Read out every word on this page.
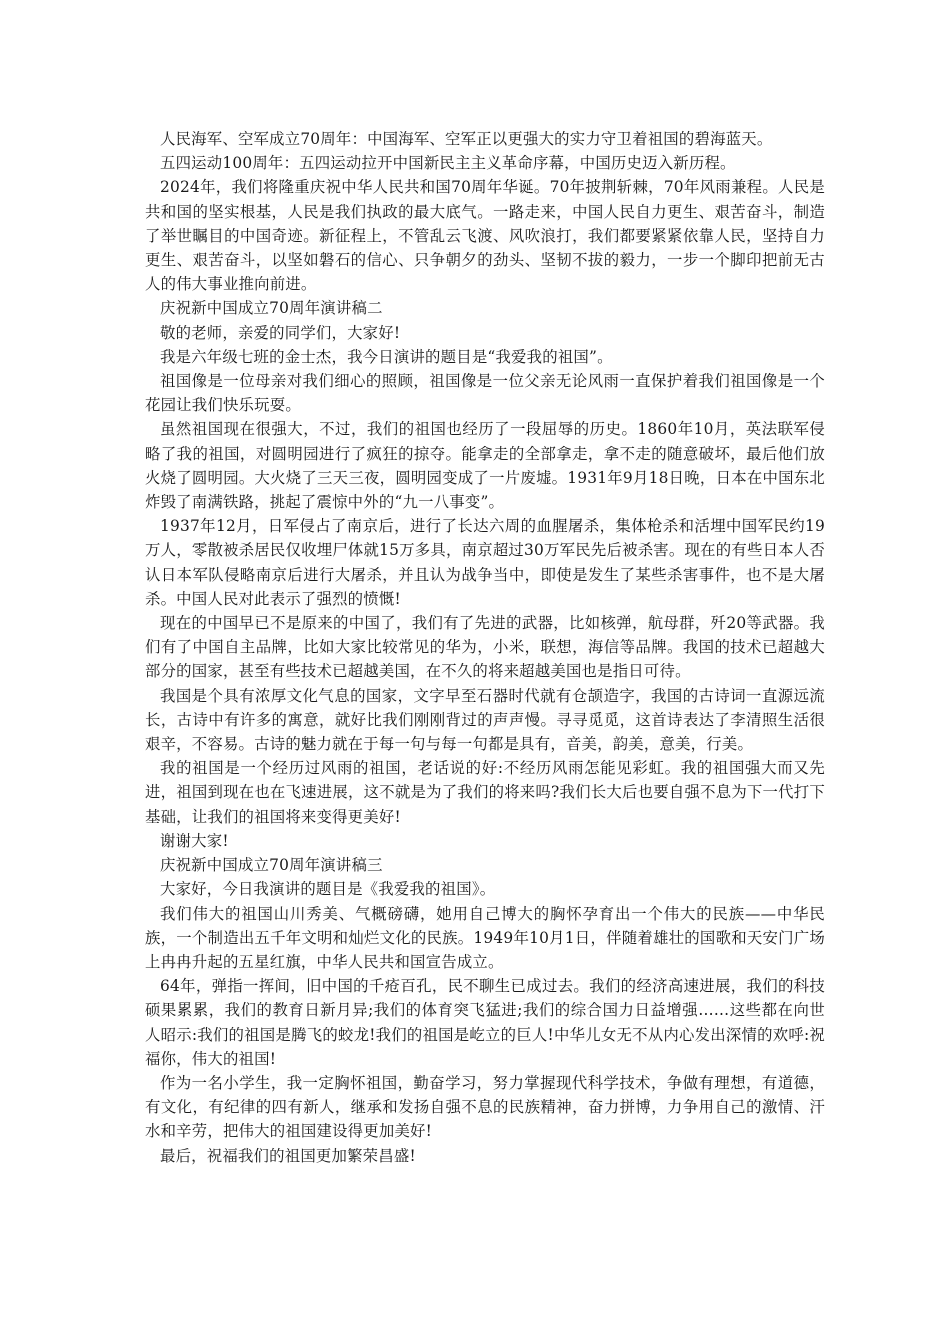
人民海军、空军成立70周年：中国海军、空军正以更强大的实力守卫着祖国的碧海蓝天。

五四运动100周年：五四运动拉开中国新民主主义革命序幕，中国历史迈入新历程。

2024年，我们将隆重庆祝中华人民共和国70周年华诞。70年披荆斩棘，70年风雨兼程。人民是共和国的坚实根基，人民是我们执政的最大底气。一路走来，中国人民自力更生、艰苦奋斗，制造了举世瞩目的中国奇迹。新征程上，不管乱云飞渡、风吹浪打，我们都要紧紧依靠人民，坚持自力更生、艰苦奋斗，以坚如磐石的信心、只争朝夕的劲头、坚韧不拔的毅力，一步一个脚印把前无古人的伟大事业推向前进。

庆祝新中国成立70周年演讲稿二

敬的老师，亲爱的同学们，大家好!

我是六年级七班的金士杰，我今日演讲的题目是“我爱我的祖国”。

祖国像是一位母亲对我们细心的照顾，祖国像是一位父亲无论风雨一直保护着我们祖国像是一个花园让我们快乐玩耍。

虽然祖国现在很强大，不过，我们的祖国也经历了一段屈辱的历史。1860年10月，英法联军侵略了我的祖国，对圆明园进行了疯狂的掠夺。能拿走的全部拿走，拿不走的随意破坏，最后他们放火烧了圆明园。大火烧了三天三夜，圆明园变成了一片废墟。1931年9月18日晚，日本在中国东北炸毁了南满铁路，挑起了震惊中外的“九一八事变”。

1937年12月，日军侵占了南京后，进行了长达六周的血腥屠杀，集体枪杀和活埋中国军民约19万人，零散被杀居民仅收埋尸体就15万多具，南京超过30万军民先后被杀害。现在的有些日本人否认日本军队侵略南京后进行大屠杀，并且认为战争当中，即使是发生了某些杀害事件，也不是大屠杀。中国人民对此表示了强烈的愤慨!

现在的中国早已不是原来的中国了，我们有了先进的武器，比如核弹，航母群，歼20等武器。我们有了中国自主品牌，比如大家比较常见的华为，小米，联想，海信等品牌。我国的技术已超越大部分的国家，甚至有些技术已超越美国，在不久的将来超越美国也是指日可待。

我国是个具有浓厚文化气息的国家，文字早至石器时代就有仓颉造字，我国的古诗词一直源远流长，古诗中有许多的寓意，就好比我们刚刚背过的声声慢。寻寻觅觅，这首诗表达了李清照生活很艰辛，不容易。古诗的魅力就在于每一句与每一句都是具有，音美，韵美，意美，行美。

我的祖国是一个经历过风雨的祖国，老话说的好:不经历风雨怎能见彩虹。我的祖国强大而又先进，祖国到现在也在飞速进展，这不就是为了我们的将来吗?我们长大后也要自强不息为下一代打下基础，让我们的祖国将来变得更美好!

谢谢大家!

庆祝新中国成立70周年演讲稿三

大家好，今日我演讲的题目是《我爱我的祖国》。

我们伟大的祖国山川秀美、气概磅礴，她用自己博大的胸怀孕育出一个伟大的民族——中华民族，一个制造出五千年文明和灿烂文化的民族。1949年10月1日，伴随着雄壮的国歌和天安门广场上冉冉升起的五星红旗，中华人民共和国宣告成立。

64年，弹指一挥间，旧中国的千疮百孔，民不聊生已成过去。我们的经济高速进展，我们的科技硕果累累，我们的教育日新月异;我们的体育突飞猛进;我们的综合国力日益增强……这些都在向世人昭示:我们的祖国是腾飞的蛟龙!我们的祖国是屹立的巨人!中华儿女无不从内心发出深情的欢呼:祝福你，伟大的祖国!

作为一名小学生，我一定胸怀祖国，勤奋学习，努力掌握现代科学技术，争做有理想，有道德，有文化，有纪律的四有新人，继承和发扬自强不息的民族精神，奋力拼博，力争用自己的激情、汗水和辛劳，把伟大的祖国建设得更加美好!

最后，祝福我们的祖国更加繁荣昌盛!
